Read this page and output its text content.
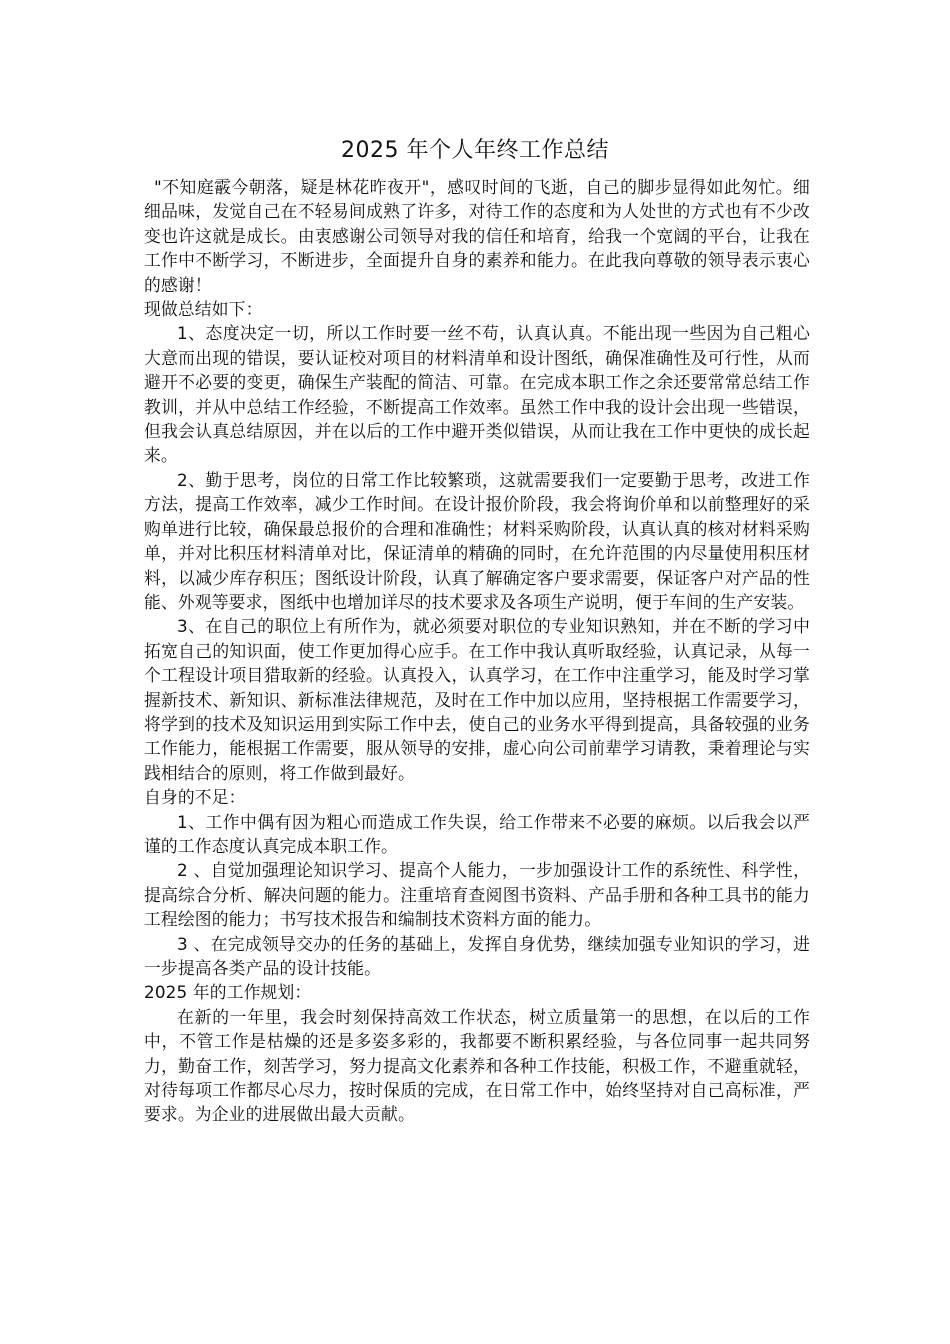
2025 年个人年终工作总结

"不知庭霰今朝落，疑是林花昨夜开"，感叹时间的飞逝，自己的脚步显得如此匆忙。细细品味，发觉自己在不轻易间成熟了许多，对待工作的态度和为人处世的方式也有不少改变也许这就是成长。由衷感谢公司领导对我的信任和培育，给我一个宽阔的平台，让我在工作中不断学习，不断进步，全面提升自身的素养和能力。在此我向尊敬的领导表示衷心的感谢！

现做总结如下：

1、态度决定一切，所以工作时要一丝不苟，认真认真。不能出现一些因为自己粗心大意而出现的错误，要认证校对项目的材料清单和设计图纸，确保准确性及可行性，从而避开不必要的变更，确保生产装配的简洁、可靠。在完成本职工作之余还要常常总结工作教训，并从中总结工作经验，不断提高工作效率。虽然工作中我的设计会出现一些错误，但我会认真总结原因，并在以后的工作中避开类似错误，从而让我在工作中更快的成长起来。

2、勤于思考，岗位的日常工作比较繁琐，这就需要我们一定要勤于思考，改进工作方法，提高工作效率，减少工作时间。在设计报价阶段，我会将询价单和以前整理好的采购单进行比较，确保最总报价的合理和准确性；材料采购阶段，认真认真的核对材料采购单，并对比积压材料清单对比，保证清单的精确的同时，在允许范围的内尽量使用积压材料，以减少库存积压；图纸设计阶段，认真了解确定客户要求需要，保证客户对产品的性能、外观等要求，图纸中也增加详尽的技术要求及各项生产说明，便于车间的生产安装。

3、在自己的职位上有所作为，就必须要对职位的专业知识熟知，并在不断的学习中拓宽自己的知识面，使工作更加得心应手。在工作中我认真听取经验，认真记录，从每一个工程设计项目猎取新的经验。认真投入，认真学习，在工作中注重学习，能及时学习掌握新技术、新知识、新标准法律规范，及时在工作中加以应用，坚持根据工作需要学习，将学到的技术及知识运用到实际工作中去，使自己的业务水平得到提高，具备较强的业务工作能力，能根据工作需要，服从领导的安排，虚心向公司前辈学习请教，秉着理论与实践相结合的原则，将工作做到最好。

自身的不足：

1、工作中偶有因为粗心而造成工作失误，给工作带来不必要的麻烦。以后我会以严谨的工作态度认真完成本职工作。

2 、自觉加强理论知识学习、提高个人能力，一步加强设计工作的系统性、科学性，提高综合分析、解决问题的能力。注重培育查阅图书资料、产品手册和各种工具书的能力工程绘图的能力；书写技术报告和编制技术资料方面的能力。

3 、在完成领导交办的任务的基础上，发挥自身优势，继续加强专业知识的学习，进一步提高各类产品的设计技能。

2025 年的工作规划：

在新的一年里，我会时刻保持高效工作状态，树立质量第一的思想，在以后的工作中，不管工作是枯燥的还是多姿多彩的，我都要不断积累经验，与各位同事一起共同努力，勤奋工作，刻苦学习，努力提高文化素养和各种工作技能，积极工作，不避重就轻，对待每项工作都尽心尽力，按时保质的完成，在日常工作中，始终坚持对自己高标准，严要求。为企业的进展做出最大贡献。
